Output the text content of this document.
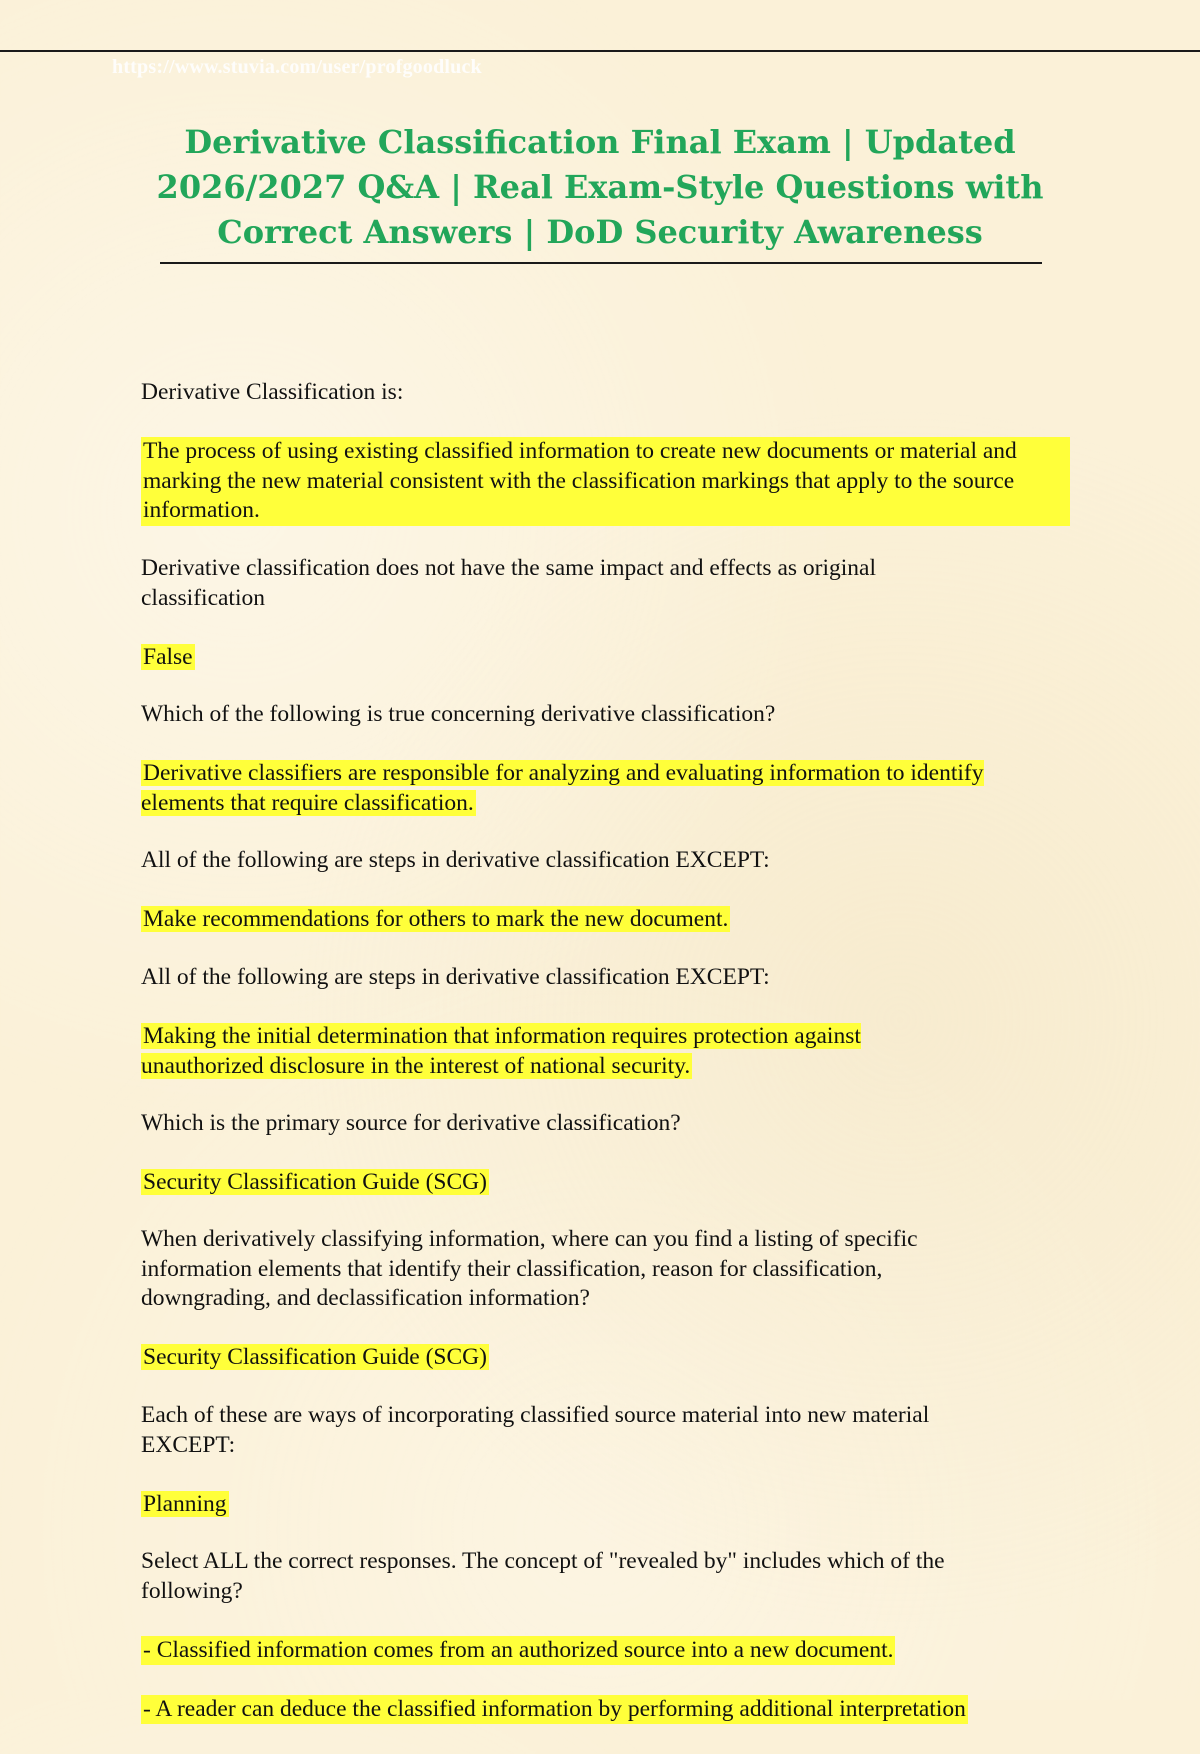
https://www.stuvia.com/user/profgoodluck
Derivative Classification Final Exam | Updated 2026/2027 Q&A | Real Exam-Style Questions with Correct Answers | DoD Security Awareness

Derivative Classification is:

The process of using existing classified information to create new documents or material and marking the new material consistent with the classification markings that apply to the source information.

Derivative classification does not have the same impact and effects as original classification

False

Which of the following is true concerning derivative classification?

Derivative classifiers are responsible for analyzing and evaluating information to identify elements that require classification.

All of the following are steps in derivative classification EXCEPT:

Make recommendations for others to mark the new document.

All of the following are steps in derivative classification EXCEPT:

Making the initial determination that information requires protection against unauthorized disclosure in the interest of national security.

Which is the primary source for derivative classification?

Security Classification Guide (SCG)

When derivatively classifying information, where can you find a listing of specific information elements that identify their classification, reason for classification, downgrading, and declassification information?

Security Classification Guide (SCG)

Each of these are ways of incorporating classified source material into new material EXCEPT:

Planning

Select ALL the correct responses. The concept of "revealed by" includes which of the following?

- Classified information comes from an authorized source into a new document.

- A reader can deduce the classified information by performing additional interpretation
